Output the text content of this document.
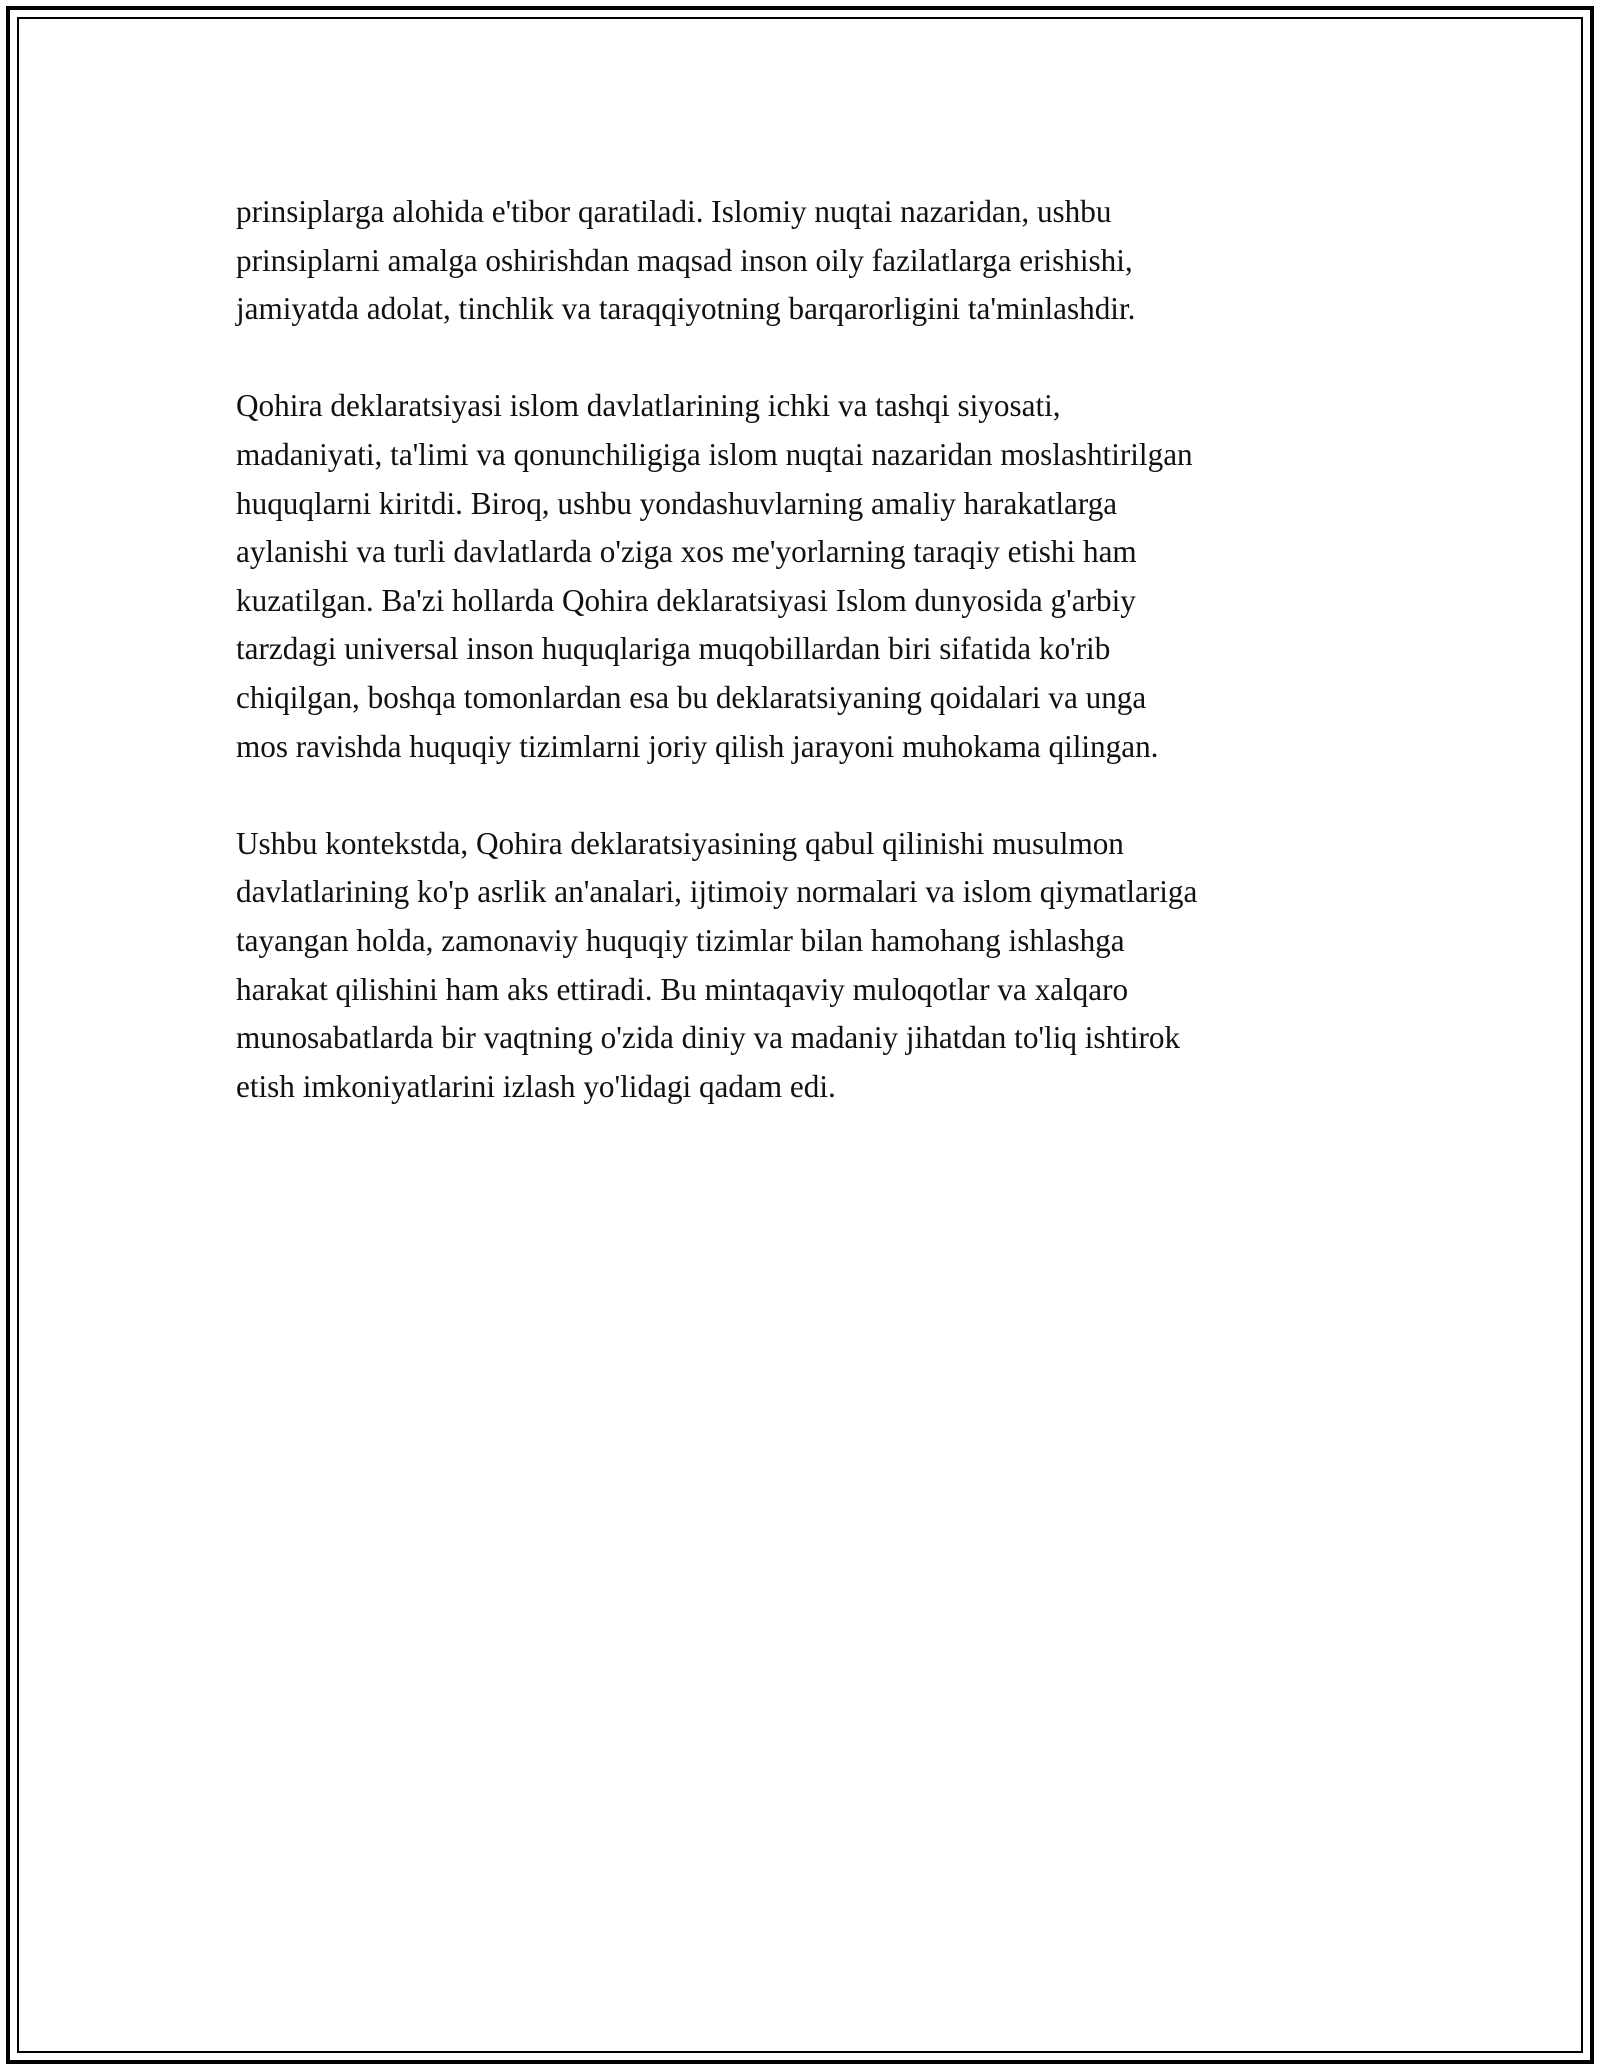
prinsiplarga alohida e'tibor qaratiladi. Islomiy nuqtai nazaridan, ushbu
prinsiplarni amalga oshirishdan maqsad inson oily fazilatlarga erishishi,
jamiyatda adolat, tinchlik va taraqqiyotning barqarorligini ta'minlashdir.
Qohira deklaratsiyasi islom davlatlarining ichki va tashqi siyosati,
madaniyati, ta'limi va qonunchiligiga islom nuqtai nazaridan moslashtirilgan
huquqlarni kiritdi. Biroq, ushbu yondashuvlarning amaliy harakatlarga
aylanishi va turli davlatlarda o'ziga xos me'yorlarning taraqiy etishi ham
kuzatilgan. Ba'zi hollarda Qohira deklaratsiyasi Islom dunyosida g'arbiy
tarzdagi universal inson huquqlariga muqobillardan biri sifatida ko'rib
chiqilgan, boshqa tomonlardan esa bu deklaratsiyaning qoidalari va unga
mos ravishda huquqiy tizimlarni joriy qilish jarayoni muhokama qilingan.
Ushbu kontekstda, Qohira deklaratsiyasining qabul qilinishi musulmon
davlatlarining ko'p asrlik an'analari, ijtimoiy normalari va islom qiymatlariga
tayangan holda, zamonaviy huquqiy tizimlar bilan hamohang ishlashga
harakat qilishini ham aks ettiradi. Bu mintaqaviy muloqotlar va xalqaro
munosabatlarda bir vaqtning o'zida diniy va madaniy jihatdan to'liq ishtirok
etish imkoniyatlarini izlash yo'lidagi qadam edi.
